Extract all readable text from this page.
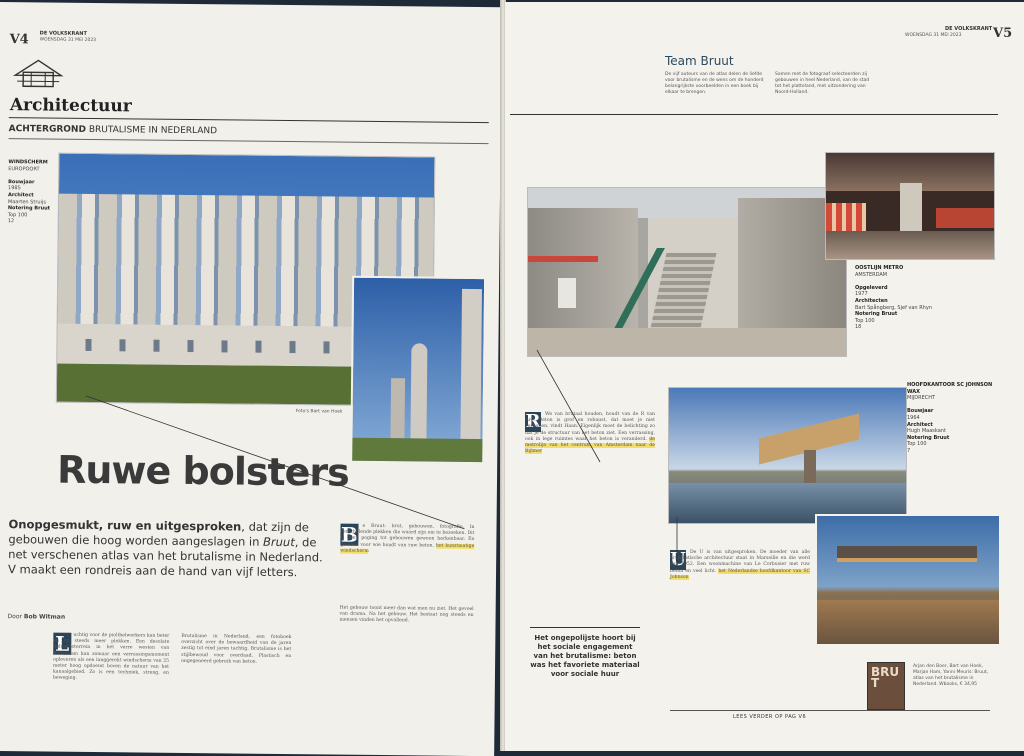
V4 DE VOLKSKRANT
WOENSDAG 31 MEI 2023
Architectuur
ACHTERGROND BRUTALISME IN NEDERLAND
WINDSCHERM
EUROPOORT

Bouwjaar
1985
Architect
Maarten Struijs
Notering Bruut
Top 100
12
Foto's Bart van Hoek
Ruwe bolsters
Onopgesmukt, ruw en uitgesproken, dat zijn de gebouwen die hoog worden aangeslagen in Bruut, de net verschenen atlas van het brutalisme in Nederland. V maakt een rondreis aan de hand van vijf letters.
Door Bob Witman
L uchtig voor de pioltbelwerkers kan beter en op steeds meer plekken. Een desolate industrieterrein in het verre westen van Rotterdam kan zomaar een verrassingsmoment opleveren als een langgerekt windscherm van 25 meter hoog opdoemt boven de natuur van het kanaalgebied. Zo is een techniek, streng, en beweging.
Brutalisme in Nederland, een fotoboek overzicht over de bewaardheid van de jaren zestig tot eind jaren tachtig. Brutalisme is het stijlbewoud voor overdaad. Plastisch en ongegeneerd gebruik van beton.
B e Bruut: brut, gebouwen, fotografie. In verschillende plekken die waard zijn om te bezoeken. Dit is geen poging tot gebouwen gewoon herkenbaar. En gewoon voor wie houdt van ruw beton. het kunstmatige windscherm
Het gebouw toont meer dan wat men nu ziet. Het gevoel van drama. Na het gebouw. Het bestaat nog steeds en mensen vinden het opvallend.
DE VOLKSKRANT
WOENSDAG 31 MEI 2023 V5
Team Bruut
De vijf auteurs van de atlas delen de liefde voor brutalisme en de wens om de honderd belangrijkste voorbeelden in een boek bij elkaar te brengen.
Samen met de fotograaf selecteerden zij gebouwen in heel Nederland, van de stad tot het platteland, met uitzondering van Noord-Holland.
OOSTLIJN METRO
AMSTERDAM

Opgeleverd
1977
Architecten
Bart Spångberg, Sjef van Rhyn
Notering Bruut
Top 100
18
HOOFDKANTOOR SC JOHNSON WAX
MIJDRECHT

Bouwjaar
1964
Architect
Hugh Maaskant
Notering Bruut
Top 100
7
R We van brutaal houden, houdt van de R van ruw. Beton is grof en robuust, dat moet je niet verhullen, vindt Haan. Eigenlijk moet de belichting zo dat je de structuur van het beton ziet. Een verrassing, ook in lege ruimtes waar het beton is veranderd. de metrolijn van het centrum van Amsterdam naar de Bijlmer
Het ongepolijste hoort bij het sociale engagement van het brutalisme: beton was het favoriete materiaal voor sociale huur
U De U is van uitgesproken. De moeder van alle brutalistische architectuur staat in Marseille en die werd van 1952. Een woonmachine van Le Corbusier met ruw beton en veel licht. het Nederlandse hoofdkantoor van SC Johnson
LEES VERDER OP PAG V6
BRUT
Arjan den Boer, Bart van Hoek, Marjan Ham, Yanni Meuris: Bruut, atlas van het brutalisme in Nederland. Wbooks, € 34,95
